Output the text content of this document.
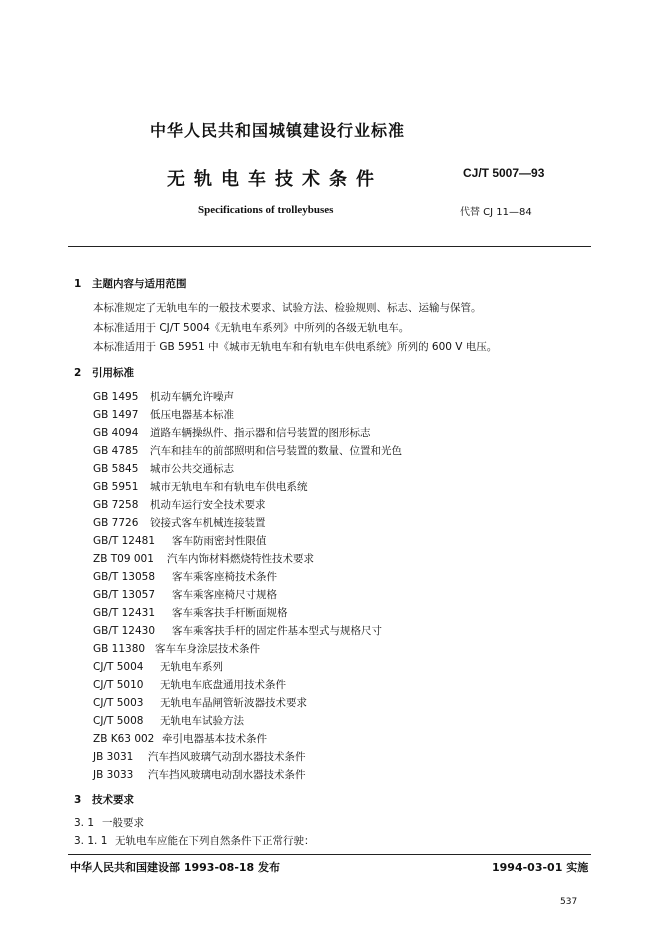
中华人民共和国城镇建设行业标准
无轨电车技术条件	CJ/T 5007—93
Specifications of trolleybuses	代替 CJ 11—84
1 主题内容与适用范围
本标准规定了无轨电车的一般技术要求、试验方法、检验规则、标志、运输与保管。
本标准适用于 CJ/T 5004《无轨电车系列》中所列的各级无轨电车。
本标准适用于 GB 5951 中《城市无轨电车和有轨电车供电系统》所列的 600 V 电压。
2 引用标准
GB 1495 机动车辆允许噪声
GB 1497 低压电器基本标准
GB 4094 道路车辆操纵件、指示器和信号装置的图形标志
GB 4785 汽车和挂车的前部照明和信号装置的数量、位置和光色
GB 5845 城市公共交通标志
GB 5951 城市无轨电车和有轨电车供电系统
GB 7258 机动车运行安全技术要求
GB 7726 铰接式客车机械连接装置
GB/T 12481 客车防雨密封性限值
ZB T09 001 汽车内饰材料燃烧特性技术要求
GB/T 13058 客车乘客座椅技术条件
GB/T 13057 客车乘客座椅尺寸规格
GB/T 12431 客车乘客扶手杆断面规格
GB/T 12430 客车乘客扶手杆的固定件基本型式与规格尺寸
GB 11380 客车车身涂层技术条件
CJ/T 5004 无轨电车系列
CJ/T 5010 无轨电车底盘通用技术条件
CJ/T 5003 无轨电车晶闸管斩波器技术要求
CJ/T 5008 无轨电车试验方法
ZB K63 002 牵引电器基本技术条件
JB 3031 汽车挡风玻璃气动刮水器技术条件
JB 3033 汽车挡风玻璃电动刮水器技术条件
3 技术要求
3. 1 一般要求
3. 1. 1 无轨电车应能在下列自然条件下正常行驶：
中华人民共和国建设部 1993-08-18 发布	1994-03-01 实施
537
